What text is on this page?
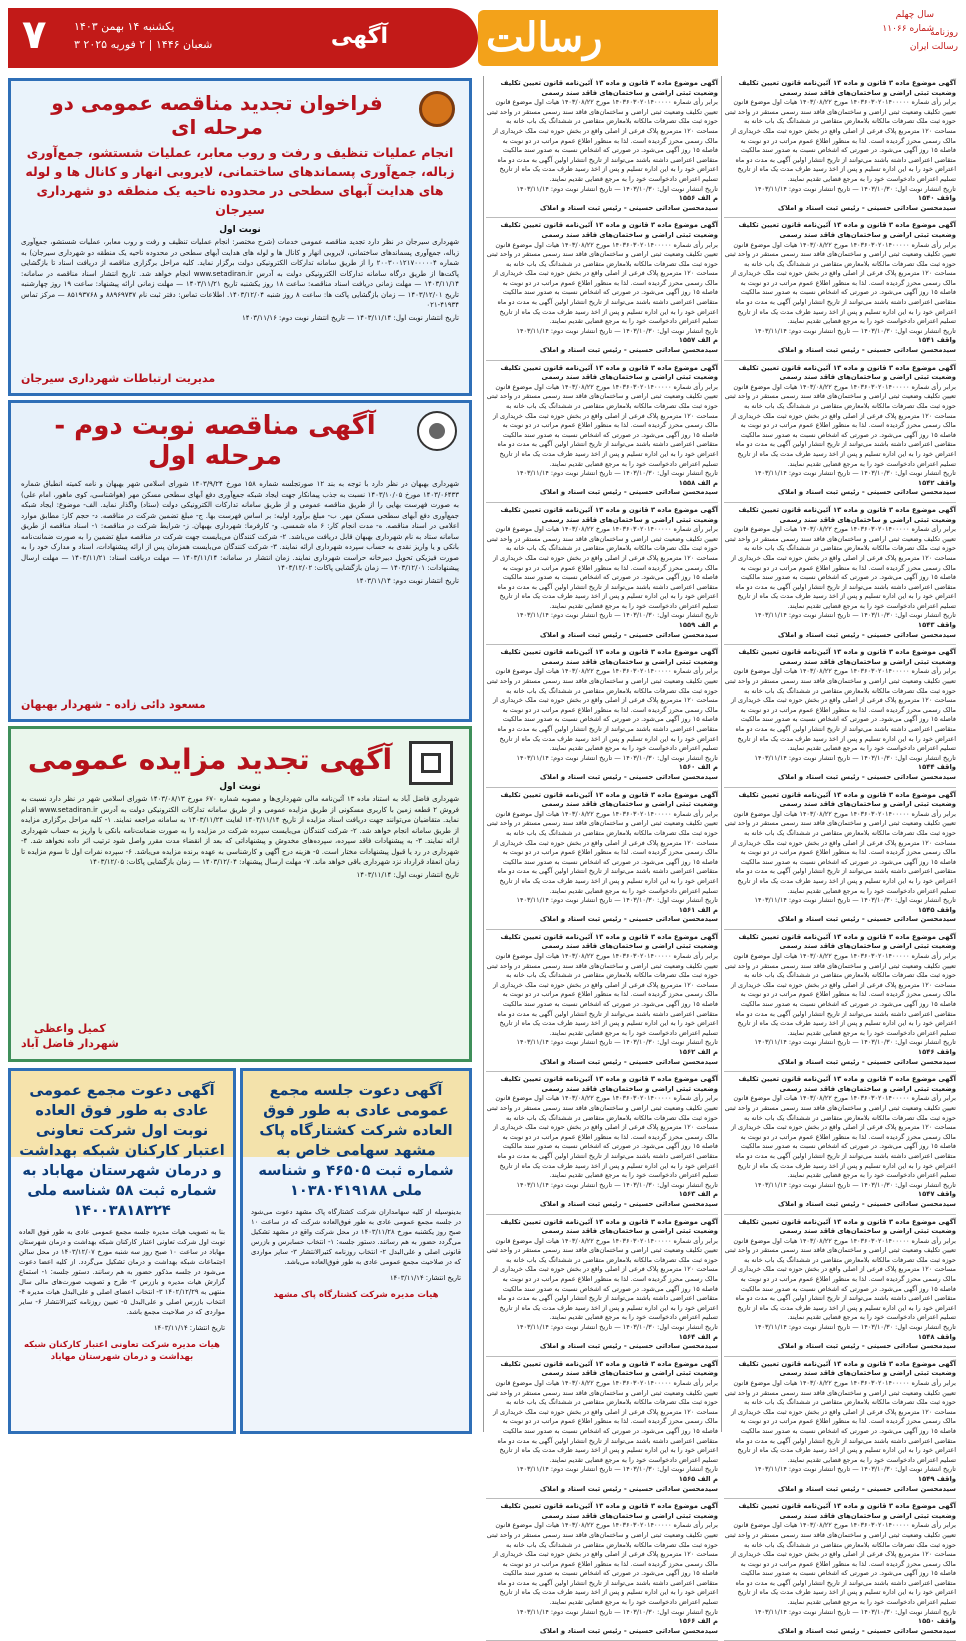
روزنامه رسالت ایران
سال چهلم
شماره ۱۱۰۶۶
رسالت
آگهی
یکشنبه ۱۴ بهمن ۱۴۰۳
۳ شعبان ۱۴۴۶ | ۲ فوریه ۲۰۲۵
۷
آگهی موضوع ماده ۳ قانون و ماده ۱۳ آئین‌نامه قانون تعیین تکلیف وضعیت ثبتی اراضی و ساختمان‌های فاقد سند رسمی
برابر رأی شماره ۱۴۰۳۶۰۳۰۲۰۱۴۰۰۰۰۰ مورخ ۱۴۰۳/۰۸/۲۲ هیات اول موضوع قانون تعیین تکلیف وضعیت ثبتی اراضی و ساختمان‌های فاقد سند رسمی مستقر در واحد ثبتی حوزه ثبت ملک تصرفات مالکانه بلامعارض متقاضی در ششدانگ یک باب خانه به مساحت ۱۲۰ مترمربع پلاک فرعی از اصلی واقع در بخش حوزه ثبت ملک خریداری از مالک رسمی محرز گردیده است. لذا به منظور اطلاع عموم مراتب در دو نوبت به فاصله ۱۵ روز آگهی می‌شود. در صورتی که اشخاص نسبت به صدور سند مالکیت متقاضی اعتراضی داشته باشند می‌توانند از تاریخ انتشار اولین آگهی به مدت دو ماه اعتراض خود را به این اداره تسلیم و پس از اخذ رسید ظرف مدت یک ماه از تاریخ تسلیم اعتراض دادخواست خود را به مرجع قضایی تقدیم نمایند.
تاریخ انتشار نوبت اول: ۱۴۰۳/۱۰/۳۰ — تاریخ انتشار نوبت دوم: ۱۴۰۳/۱۱/۱۴
واقف ۱۵۴۰
سیدمحسن ساداتی حسینی - رئیس ثبت اسناد و املاک
آگهی موضوع ماده ۳ قانون و ماده ۱۳ آئین‌نامه قانون تعیین تکلیف وضعیت ثبتی اراضی و ساختمان‌های فاقد سند رسمی
برابر رأی شماره ۱۴۰۳۶۰۳۰۲۰۱۴۰۰۰۰۰ مورخ ۱۴۰۳/۰۸/۲۲ هیات اول موضوع قانون تعیین تکلیف وضعیت ثبتی اراضی و ساختمان‌های فاقد سند رسمی مستقر در واحد ثبتی حوزه ثبت ملک تصرفات مالکانه بلامعارض متقاضی در ششدانگ یک باب خانه به مساحت ۱۲۰ مترمربع پلاک فرعی از اصلی واقع در بخش حوزه ثبت ملک خریداری از مالک رسمی محرز گردیده است. لذا به منظور اطلاع عموم مراتب در دو نوبت به فاصله ۱۵ روز آگهی می‌شود. در صورتی که اشخاص نسبت به صدور سند مالکیت متقاضی اعتراضی داشته باشند می‌توانند از تاریخ انتشار اولین آگهی به مدت دو ماه اعتراض خود را به این اداره تسلیم و پس از اخذ رسید ظرف مدت یک ماه از تاریخ تسلیم اعتراض دادخواست خود را به مرجع قضایی تقدیم نمایند.
تاریخ انتشار نوبت اول: ۱۴۰۳/۱۰/۳۰ — تاریخ انتشار نوبت دوم: ۱۴۰۳/۱۱/۱۴
واقف ۱۵۴۱
سیدمحسن ساداتی حسینی - رئیس ثبت اسناد و املاک
آگهی موضوع ماده ۳ قانون و ماده ۱۳ آئین‌نامه قانون تعیین تکلیف وضعیت ثبتی اراضی و ساختمان‌های فاقد سند رسمی
برابر رأی شماره ۱۴۰۳۶۰۳۰۲۰۱۴۰۰۰۰۰ مورخ ۱۴۰۳/۰۸/۲۲ هیات اول موضوع قانون تعیین تکلیف وضعیت ثبتی اراضی و ساختمان‌های فاقد سند رسمی مستقر در واحد ثبتی حوزه ثبت ملک تصرفات مالکانه بلامعارض متقاضی در ششدانگ یک باب خانه به مساحت ۱۲۰ مترمربع پلاک فرعی از اصلی واقع در بخش حوزه ثبت ملک خریداری از مالک رسمی محرز گردیده است. لذا به منظور اطلاع عموم مراتب در دو نوبت به فاصله ۱۵ روز آگهی می‌شود. در صورتی که اشخاص نسبت به صدور سند مالکیت متقاضی اعتراضی داشته باشند می‌توانند از تاریخ انتشار اولین آگهی به مدت دو ماه اعتراض خود را به این اداره تسلیم و پس از اخذ رسید ظرف مدت یک ماه از تاریخ تسلیم اعتراض دادخواست خود را به مرجع قضایی تقدیم نمایند.
تاریخ انتشار نوبت اول: ۱۴۰۳/۱۰/۳۰ — تاریخ انتشار نوبت دوم: ۱۴۰۳/۱۱/۱۴
واقف ۱۵۴۲
سیدمحسن ساداتی حسینی - رئیس ثبت اسناد و املاک
آگهی موضوع ماده ۳ قانون و ماده ۱۳ آئین‌نامه قانون تعیین تکلیف وضعیت ثبتی اراضی و ساختمان‌های فاقد سند رسمی
برابر رأی شماره ۱۴۰۳۶۰۳۰۲۰۱۴۰۰۰۰۰ مورخ ۱۴۰۳/۰۸/۲۲ هیات اول موضوع قانون تعیین تکلیف وضعیت ثبتی اراضی و ساختمان‌های فاقد سند رسمی مستقر در واحد ثبتی حوزه ثبت ملک تصرفات مالکانه بلامعارض متقاضی در ششدانگ یک باب خانه به مساحت ۱۲۰ مترمربع پلاک فرعی از اصلی واقع در بخش حوزه ثبت ملک خریداری از مالک رسمی محرز گردیده است. لذا به منظور اطلاع عموم مراتب در دو نوبت به فاصله ۱۵ روز آگهی می‌شود. در صورتی که اشخاص نسبت به صدور سند مالکیت متقاضی اعتراضی داشته باشند می‌توانند از تاریخ انتشار اولین آگهی به مدت دو ماه اعتراض خود را به این اداره تسلیم و پس از اخذ رسید ظرف مدت یک ماه از تاریخ تسلیم اعتراض دادخواست خود را به مرجع قضایی تقدیم نمایند.
تاریخ انتشار نوبت اول: ۱۴۰۳/۱۰/۳۰ — تاریخ انتشار نوبت دوم: ۱۴۰۳/۱۱/۱۴
واقف ۱۵۴۳
سیدمحسن ساداتی حسینی - رئیس ثبت اسناد و املاک
آگهی موضوع ماده ۳ قانون و ماده ۱۳ آئین‌نامه قانون تعیین تکلیف وضعیت ثبتی اراضی و ساختمان‌های فاقد سند رسمی
برابر رأی شماره ۱۴۰۳۶۰۳۰۲۰۱۴۰۰۰۰۰ مورخ ۱۴۰۳/۰۸/۲۲ هیات اول موضوع قانون تعیین تکلیف وضعیت ثبتی اراضی و ساختمان‌های فاقد سند رسمی مستقر در واحد ثبتی حوزه ثبت ملک تصرفات مالکانه بلامعارض متقاضی در ششدانگ یک باب خانه به مساحت ۱۲۰ مترمربع پلاک فرعی از اصلی واقع در بخش حوزه ثبت ملک خریداری از مالک رسمی محرز گردیده است. لذا به منظور اطلاع عموم مراتب در دو نوبت به فاصله ۱۵ روز آگهی می‌شود. در صورتی که اشخاص نسبت به صدور سند مالکیت متقاضی اعتراضی داشته باشند می‌توانند از تاریخ انتشار اولین آگهی به مدت دو ماه اعتراض خود را به این اداره تسلیم و پس از اخذ رسید ظرف مدت یک ماه از تاریخ تسلیم اعتراض دادخواست خود را به مرجع قضایی تقدیم نمایند.
تاریخ انتشار نوبت اول: ۱۴۰۳/۱۰/۳۰ — تاریخ انتشار نوبت دوم: ۱۴۰۳/۱۱/۱۴
واقف ۱۵۴۴
سیدمحسن ساداتی حسینی - رئیس ثبت اسناد و املاک
آگهی موضوع ماده ۳ قانون و ماده ۱۳ آئین‌نامه قانون تعیین تکلیف وضعیت ثبتی اراضی و ساختمان‌های فاقد سند رسمی
برابر رأی شماره ۱۴۰۳۶۰۳۰۲۰۱۴۰۰۰۰۰ مورخ ۱۴۰۳/۰۸/۲۲ هیات اول موضوع قانون تعیین تکلیف وضعیت ثبتی اراضی و ساختمان‌های فاقد سند رسمی مستقر در واحد ثبتی حوزه ثبت ملک تصرفات مالکانه بلامعارض متقاضی در ششدانگ یک باب خانه به مساحت ۱۲۰ مترمربع پلاک فرعی از اصلی واقع در بخش حوزه ثبت ملک خریداری از مالک رسمی محرز گردیده است. لذا به منظور اطلاع عموم مراتب در دو نوبت به فاصله ۱۵ روز آگهی می‌شود. در صورتی که اشخاص نسبت به صدور سند مالکیت متقاضی اعتراضی داشته باشند می‌توانند از تاریخ انتشار اولین آگهی به مدت دو ماه اعتراض خود را به این اداره تسلیم و پس از اخذ رسید ظرف مدت یک ماه از تاریخ تسلیم اعتراض دادخواست خود را به مرجع قضایی تقدیم نمایند.
تاریخ انتشار نوبت اول: ۱۴۰۳/۱۰/۳۰ — تاریخ انتشار نوبت دوم: ۱۴۰۳/۱۱/۱۴
واقف ۱۵۴۵
سیدمحسن ساداتی حسینی - رئیس ثبت اسناد و املاک
آگهی موضوع ماده ۳ قانون و ماده ۱۳ آئین‌نامه قانون تعیین تکلیف وضعیت ثبتی اراضی و ساختمان‌های فاقد سند رسمی
برابر رأی شماره ۱۴۰۳۶۰۳۰۲۰۱۴۰۰۰۰۰ مورخ ۱۴۰۳/۰۸/۲۲ هیات اول موضوع قانون تعیین تکلیف وضعیت ثبتی اراضی و ساختمان‌های فاقد سند رسمی مستقر در واحد ثبتی حوزه ثبت ملک تصرفات مالکانه بلامعارض متقاضی در ششدانگ یک باب خانه به مساحت ۱۲۰ مترمربع پلاک فرعی از اصلی واقع در بخش حوزه ثبت ملک خریداری از مالک رسمی محرز گردیده است. لذا به منظور اطلاع عموم مراتب در دو نوبت به فاصله ۱۵ روز آگهی می‌شود. در صورتی که اشخاص نسبت به صدور سند مالکیت متقاضی اعتراضی داشته باشند می‌توانند از تاریخ انتشار اولین آگهی به مدت دو ماه اعتراض خود را به این اداره تسلیم و پس از اخذ رسید ظرف مدت یک ماه از تاریخ تسلیم اعتراض دادخواست خود را به مرجع قضایی تقدیم نمایند.
تاریخ انتشار نوبت اول: ۱۴۰۳/۱۰/۳۰ — تاریخ انتشار نوبت دوم: ۱۴۰۳/۱۱/۱۴
واقف ۱۵۴۶
سیدمحسن ساداتی حسینی - رئیس ثبت اسناد و املاک
آگهی موضوع ماده ۳ قانون و ماده ۱۳ آئین‌نامه قانون تعیین تکلیف وضعیت ثبتی اراضی و ساختمان‌های فاقد سند رسمی
برابر رأی شماره ۱۴۰۳۶۰۳۰۲۰۱۴۰۰۰۰۰ مورخ ۱۴۰۳/۰۸/۲۲ هیات اول موضوع قانون تعیین تکلیف وضعیت ثبتی اراضی و ساختمان‌های فاقد سند رسمی مستقر در واحد ثبتی حوزه ثبت ملک تصرفات مالکانه بلامعارض متقاضی در ششدانگ یک باب خانه به مساحت ۱۲۰ مترمربع پلاک فرعی از اصلی واقع در بخش حوزه ثبت ملک خریداری از مالک رسمی محرز گردیده است. لذا به منظور اطلاع عموم مراتب در دو نوبت به فاصله ۱۵ روز آگهی می‌شود. در صورتی که اشخاص نسبت به صدور سند مالکیت متقاضی اعتراضی داشته باشند می‌توانند از تاریخ انتشار اولین آگهی به مدت دو ماه اعتراض خود را به این اداره تسلیم و پس از اخذ رسید ظرف مدت یک ماه از تاریخ تسلیم اعتراض دادخواست خود را به مرجع قضایی تقدیم نمایند.
تاریخ انتشار نوبت اول: ۱۴۰۳/۱۰/۳۰ — تاریخ انتشار نوبت دوم: ۱۴۰۳/۱۱/۱۴
واقف ۱۵۴۷
سیدمحسن ساداتی حسینی - رئیس ثبت اسناد و املاک
آگهی موضوع ماده ۳ قانون و ماده ۱۳ آئین‌نامه قانون تعیین تکلیف وضعیت ثبتی اراضی و ساختمان‌های فاقد سند رسمی
برابر رأی شماره ۱۴۰۳۶۰۳۰۲۰۱۴۰۰۰۰۰ مورخ ۱۴۰۳/۰۸/۲۲ هیات اول موضوع قانون تعیین تکلیف وضعیت ثبتی اراضی و ساختمان‌های فاقد سند رسمی مستقر در واحد ثبتی حوزه ثبت ملک تصرفات مالکانه بلامعارض متقاضی در ششدانگ یک باب خانه به مساحت ۱۲۰ مترمربع پلاک فرعی از اصلی واقع در بخش حوزه ثبت ملک خریداری از مالک رسمی محرز گردیده است. لذا به منظور اطلاع عموم مراتب در دو نوبت به فاصله ۱۵ روز آگهی می‌شود. در صورتی که اشخاص نسبت به صدور سند مالکیت متقاضی اعتراضی داشته باشند می‌توانند از تاریخ انتشار اولین آگهی به مدت دو ماه اعتراض خود را به این اداره تسلیم و پس از اخذ رسید ظرف مدت یک ماه از تاریخ تسلیم اعتراض دادخواست خود را به مرجع قضایی تقدیم نمایند.
تاریخ انتشار نوبت اول: ۱۴۰۳/۱۰/۳۰ — تاریخ انتشار نوبت دوم: ۱۴۰۳/۱۱/۱۴
واقف ۱۵۴۸
سیدمحسن ساداتی حسینی - رئیس ثبت اسناد و املاک
آگهی موضوع ماده ۳ قانون و ماده ۱۳ آئین‌نامه قانون تعیین تکلیف وضعیت ثبتی اراضی و ساختمان‌های فاقد سند رسمی
برابر رأی شماره ۱۴۰۳۶۰۳۰۲۰۱۴۰۰۰۰۰ مورخ ۱۴۰۳/۰۸/۲۲ هیات اول موضوع قانون تعیین تکلیف وضعیت ثبتی اراضی و ساختمان‌های فاقد سند رسمی مستقر در واحد ثبتی حوزه ثبت ملک تصرفات مالکانه بلامعارض متقاضی در ششدانگ یک باب خانه به مساحت ۱۲۰ مترمربع پلاک فرعی از اصلی واقع در بخش حوزه ثبت ملک خریداری از مالک رسمی محرز گردیده است. لذا به منظور اطلاع عموم مراتب در دو نوبت به فاصله ۱۵ روز آگهی می‌شود. در صورتی که اشخاص نسبت به صدور سند مالکیت متقاضی اعتراضی داشته باشند می‌توانند از تاریخ انتشار اولین آگهی به مدت دو ماه اعتراض خود را به این اداره تسلیم و پس از اخذ رسید ظرف مدت یک ماه از تاریخ تسلیم اعتراض دادخواست خود را به مرجع قضایی تقدیم نمایند.
تاریخ انتشار نوبت اول: ۱۴۰۳/۱۰/۳۰ — تاریخ انتشار نوبت دوم: ۱۴۰۳/۱۱/۱۴
واقف ۱۵۴۹
سیدمحسن ساداتی حسینی - رئیس ثبت اسناد و املاک
آگهی موضوع ماده ۳ قانون و ماده ۱۳ آئین‌نامه قانون تعیین تکلیف وضعیت ثبتی اراضی و ساختمان‌های فاقد سند رسمی
برابر رأی شماره ۱۴۰۳۶۰۳۰۲۰۱۴۰۰۰۰۰ مورخ ۱۴۰۳/۰۸/۲۲ هیات اول موضوع قانون تعیین تکلیف وضعیت ثبتی اراضی و ساختمان‌های فاقد سند رسمی مستقر در واحد ثبتی حوزه ثبت ملک تصرفات مالکانه بلامعارض متقاضی در ششدانگ یک باب خانه به مساحت ۱۲۰ مترمربع پلاک فرعی از اصلی واقع در بخش حوزه ثبت ملک خریداری از مالک رسمی محرز گردیده است. لذا به منظور اطلاع عموم مراتب در دو نوبت به فاصله ۱۵ روز آگهی می‌شود. در صورتی که اشخاص نسبت به صدور سند مالکیت متقاضی اعتراضی داشته باشند می‌توانند از تاریخ انتشار اولین آگهی به مدت دو ماه اعتراض خود را به این اداره تسلیم و پس از اخذ رسید ظرف مدت یک ماه از تاریخ تسلیم اعتراض دادخواست خود را به مرجع قضایی تقدیم نمایند.
تاریخ انتشار نوبت اول: ۱۴۰۳/۱۰/۳۰ — تاریخ انتشار نوبت دوم: ۱۴۰۳/۱۱/۱۴
واقف ۱۵۵۰
سیدمحسن ساداتی حسینی - رئیس ثبت اسناد و املاک
آگهی موضوع ماده ۳ قانون و ماده ۱۳ آئین‌نامه قانون تعیین تکلیف وضعیت ثبتی اراضی و ساختمان‌های فاقد سند رسمی
برابر رأی شماره ۱۴۰۳۶۰۳۰۲۰۱۴۰۰۰۰۰ مورخ ۱۴۰۳/۰۸/۲۲ هیات اول موضوع قانون تعیین تکلیف وضعیت ثبتی اراضی و ساختمان‌های فاقد سند رسمی مستقر در واحد ثبتی حوزه ثبت ملک تصرفات مالکانه بلامعارض متقاضی در ششدانگ یک باب خانه به مساحت ۱۲۰ مترمربع پلاک فرعی از اصلی واقع در بخش حوزه ثبت ملک خریداری از مالک رسمی محرز گردیده است. لذا به منظور اطلاع عموم مراتب در دو نوبت به فاصله ۱۵ روز آگهی می‌شود. در صورتی که اشخاص نسبت به صدور سند مالکیت متقاضی اعتراضی داشته باشند می‌توانند از تاریخ انتشار اولین آگهی به مدت دو ماه اعتراض خود را به این اداره تسلیم و پس از اخذ رسید ظرف مدت یک ماه از تاریخ تسلیم اعتراض دادخواست خود را به مرجع قضایی تقدیم نمایند.
تاریخ انتشار نوبت اول: ۱۴۰۳/۱۰/۳۰ — تاریخ انتشار نوبت دوم: ۱۴۰۳/۱۱/۱۴
م الف ۱۵۵۶
سیدمحسن ساداتی حسینی - رئیس ثبت اسناد و املاک
آگهی موضوع ماده ۳ قانون و ماده ۱۳ آئین‌نامه قانون تعیین تکلیف وضعیت ثبتی اراضی و ساختمان‌های فاقد سند رسمی
برابر رأی شماره ۱۴۰۳۶۰۳۰۲۰۱۴۰۰۰۰۰ مورخ ۱۴۰۳/۰۸/۲۲ هیات اول موضوع قانون تعیین تکلیف وضعیت ثبتی اراضی و ساختمان‌های فاقد سند رسمی مستقر در واحد ثبتی حوزه ثبت ملک تصرفات مالکانه بلامعارض متقاضی در ششدانگ یک باب خانه به مساحت ۱۲۰ مترمربع پلاک فرعی از اصلی واقع در بخش حوزه ثبت ملک خریداری از مالک رسمی محرز گردیده است. لذا به منظور اطلاع عموم مراتب در دو نوبت به فاصله ۱۵ روز آگهی می‌شود. در صورتی که اشخاص نسبت به صدور سند مالکیت متقاضی اعتراضی داشته باشند می‌توانند از تاریخ انتشار اولین آگهی به مدت دو ماه اعتراض خود را به این اداره تسلیم و پس از اخذ رسید ظرف مدت یک ماه از تاریخ تسلیم اعتراض دادخواست خود را به مرجع قضایی تقدیم نمایند.
تاریخ انتشار نوبت اول: ۱۴۰۳/۱۰/۳۰ — تاریخ انتشار نوبت دوم: ۱۴۰۳/۱۱/۱۴
م الف ۱۵۵۷
سیدمحسن ساداتی حسینی - رئیس ثبت اسناد و املاک
آگهی موضوع ماده ۳ قانون و ماده ۱۳ آئین‌نامه قانون تعیین تکلیف وضعیت ثبتی اراضی و ساختمان‌های فاقد سند رسمی
برابر رأی شماره ۱۴۰۳۶۰۳۰۲۰۱۴۰۰۰۰۰ مورخ ۱۴۰۳/۰۸/۲۲ هیات اول موضوع قانون تعیین تکلیف وضعیت ثبتی اراضی و ساختمان‌های فاقد سند رسمی مستقر در واحد ثبتی حوزه ثبت ملک تصرفات مالکانه بلامعارض متقاضی در ششدانگ یک باب خانه به مساحت ۱۲۰ مترمربع پلاک فرعی از اصلی واقع در بخش حوزه ثبت ملک خریداری از مالک رسمی محرز گردیده است. لذا به منظور اطلاع عموم مراتب در دو نوبت به فاصله ۱۵ روز آگهی می‌شود. در صورتی که اشخاص نسبت به صدور سند مالکیت متقاضی اعتراضی داشته باشند می‌توانند از تاریخ انتشار اولین آگهی به مدت دو ماه اعتراض خود را به این اداره تسلیم و پس از اخذ رسید ظرف مدت یک ماه از تاریخ تسلیم اعتراض دادخواست خود را به مرجع قضایی تقدیم نمایند.
تاریخ انتشار نوبت اول: ۱۴۰۳/۱۰/۳۰ — تاریخ انتشار نوبت دوم: ۱۴۰۳/۱۱/۱۴
م الف ۱۵۵۸
سیدمحسن ساداتی حسینی - رئیس ثبت اسناد و املاک
آگهی موضوع ماده ۳ قانون و ماده ۱۳ آئین‌نامه قانون تعیین تکلیف وضعیت ثبتی اراضی و ساختمان‌های فاقد سند رسمی
برابر رأی شماره ۱۴۰۳۶۰۳۰۲۰۱۴۰۰۰۰۰ مورخ ۱۴۰۳/۰۸/۲۲ هیات اول موضوع قانون تعیین تکلیف وضعیت ثبتی اراضی و ساختمان‌های فاقد سند رسمی مستقر در واحد ثبتی حوزه ثبت ملک تصرفات مالکانه بلامعارض متقاضی در ششدانگ یک باب خانه به مساحت ۱۲۰ مترمربع پلاک فرعی از اصلی واقع در بخش حوزه ثبت ملک خریداری از مالک رسمی محرز گردیده است. لذا به منظور اطلاع عموم مراتب در دو نوبت به فاصله ۱۵ روز آگهی می‌شود. در صورتی که اشخاص نسبت به صدور سند مالکیت متقاضی اعتراضی داشته باشند می‌توانند از تاریخ انتشار اولین آگهی به مدت دو ماه اعتراض خود را به این اداره تسلیم و پس از اخذ رسید ظرف مدت یک ماه از تاریخ تسلیم اعتراض دادخواست خود را به مرجع قضایی تقدیم نمایند.
تاریخ انتشار نوبت اول: ۱۴۰۳/۱۰/۳۰ — تاریخ انتشار نوبت دوم: ۱۴۰۳/۱۱/۱۴
م الف ۱۵۵۹
سیدمحسن ساداتی حسینی - رئیس ثبت اسناد و املاک
آگهی موضوع ماده ۳ قانون و ماده ۱۳ آئین‌نامه قانون تعیین تکلیف وضعیت ثبتی اراضی و ساختمان‌های فاقد سند رسمی
برابر رأی شماره ۱۴۰۳۶۰۳۰۲۰۱۴۰۰۰۰۰ مورخ ۱۴۰۳/۰۸/۲۲ هیات اول موضوع قانون تعیین تکلیف وضعیت ثبتی اراضی و ساختمان‌های فاقد سند رسمی مستقر در واحد ثبتی حوزه ثبت ملک تصرفات مالکانه بلامعارض متقاضی در ششدانگ یک باب خانه به مساحت ۱۲۰ مترمربع پلاک فرعی از اصلی واقع در بخش حوزه ثبت ملک خریداری از مالک رسمی محرز گردیده است. لذا به منظور اطلاع عموم مراتب در دو نوبت به فاصله ۱۵ روز آگهی می‌شود. در صورتی که اشخاص نسبت به صدور سند مالکیت متقاضی اعتراضی داشته باشند می‌توانند از تاریخ انتشار اولین آگهی به مدت دو ماه اعتراض خود را به این اداره تسلیم و پس از اخذ رسید ظرف مدت یک ماه از تاریخ تسلیم اعتراض دادخواست خود را به مرجع قضایی تقدیم نمایند.
تاریخ انتشار نوبت اول: ۱۴۰۳/۱۰/۳۰ — تاریخ انتشار نوبت دوم: ۱۴۰۳/۱۱/۱۴
م الف ۱۵۶۰
سیدمحسن ساداتی حسینی - رئیس ثبت اسناد و املاک
آگهی موضوع ماده ۳ قانون و ماده ۱۳ آئین‌نامه قانون تعیین تکلیف وضعیت ثبتی اراضی و ساختمان‌های فاقد سند رسمی
برابر رأی شماره ۱۴۰۳۶۰۳۰۲۰۱۴۰۰۰۰۰ مورخ ۱۴۰۳/۰۸/۲۲ هیات اول موضوع قانون تعیین تکلیف وضعیت ثبتی اراضی و ساختمان‌های فاقد سند رسمی مستقر در واحد ثبتی حوزه ثبت ملک تصرفات مالکانه بلامعارض متقاضی در ششدانگ یک باب خانه به مساحت ۱۲۰ مترمربع پلاک فرعی از اصلی واقع در بخش حوزه ثبت ملک خریداری از مالک رسمی محرز گردیده است. لذا به منظور اطلاع عموم مراتب در دو نوبت به فاصله ۱۵ روز آگهی می‌شود. در صورتی که اشخاص نسبت به صدور سند مالکیت متقاضی اعتراضی داشته باشند می‌توانند از تاریخ انتشار اولین آگهی به مدت دو ماه اعتراض خود را به این اداره تسلیم و پس از اخذ رسید ظرف مدت یک ماه از تاریخ تسلیم اعتراض دادخواست خود را به مرجع قضایی تقدیم نمایند.
تاریخ انتشار نوبت اول: ۱۴۰۳/۱۰/۳۰ — تاریخ انتشار نوبت دوم: ۱۴۰۳/۱۱/۱۴
م الف ۱۵۶۱
سیدمحسن ساداتی حسینی - رئیس ثبت اسناد و املاک
آگهی موضوع ماده ۳ قانون و ماده ۱۳ آئین‌نامه قانون تعیین تکلیف وضعیت ثبتی اراضی و ساختمان‌های فاقد سند رسمی
برابر رأی شماره ۱۴۰۳۶۰۳۰۲۰۱۴۰۰۰۰۰ مورخ ۱۴۰۳/۰۸/۲۲ هیات اول موضوع قانون تعیین تکلیف وضعیت ثبتی اراضی و ساختمان‌های فاقد سند رسمی مستقر در واحد ثبتی حوزه ثبت ملک تصرفات مالکانه بلامعارض متقاضی در ششدانگ یک باب خانه به مساحت ۱۲۰ مترمربع پلاک فرعی از اصلی واقع در بخش حوزه ثبت ملک خریداری از مالک رسمی محرز گردیده است. لذا به منظور اطلاع عموم مراتب در دو نوبت به فاصله ۱۵ روز آگهی می‌شود. در صورتی که اشخاص نسبت به صدور سند مالکیت متقاضی اعتراضی داشته باشند می‌توانند از تاریخ انتشار اولین آگهی به مدت دو ماه اعتراض خود را به این اداره تسلیم و پس از اخذ رسید ظرف مدت یک ماه از تاریخ تسلیم اعتراض دادخواست خود را به مرجع قضایی تقدیم نمایند.
تاریخ انتشار نوبت اول: ۱۴۰۳/۱۰/۳۰ — تاریخ انتشار نوبت دوم: ۱۴۰۳/۱۱/۱۴
م الف ۱۵۶۲
سیدمحسن ساداتی حسینی - رئیس ثبت اسناد و املاک
آگهی موضوع ماده ۳ قانون و ماده ۱۳ آئین‌نامه قانون تعیین تکلیف وضعیت ثبتی اراضی و ساختمان‌های فاقد سند رسمی
برابر رأی شماره ۱۴۰۳۶۰۳۰۲۰۱۴۰۰۰۰۰ مورخ ۱۴۰۳/۰۸/۲۲ هیات اول موضوع قانون تعیین تکلیف وضعیت ثبتی اراضی و ساختمان‌های فاقد سند رسمی مستقر در واحد ثبتی حوزه ثبت ملک تصرفات مالکانه بلامعارض متقاضی در ششدانگ یک باب خانه به مساحت ۱۲۰ مترمربع پلاک فرعی از اصلی واقع در بخش حوزه ثبت ملک خریداری از مالک رسمی محرز گردیده است. لذا به منظور اطلاع عموم مراتب در دو نوبت به فاصله ۱۵ روز آگهی می‌شود. در صورتی که اشخاص نسبت به صدور سند مالکیت متقاضی اعتراضی داشته باشند می‌توانند از تاریخ انتشار اولین آگهی به مدت دو ماه اعتراض خود را به این اداره تسلیم و پس از اخذ رسید ظرف مدت یک ماه از تاریخ تسلیم اعتراض دادخواست خود را به مرجع قضایی تقدیم نمایند.
تاریخ انتشار نوبت اول: ۱۴۰۳/۱۰/۳۰ — تاریخ انتشار نوبت دوم: ۱۴۰۳/۱۱/۱۴
م الف ۱۵۶۳
سیدمحسن ساداتی حسینی - رئیس ثبت اسناد و املاک
آگهی موضوع ماده ۳ قانون و ماده ۱۳ آئین‌نامه قانون تعیین تکلیف وضعیت ثبتی اراضی و ساختمان‌های فاقد سند رسمی
برابر رأی شماره ۱۴۰۳۶۰۳۰۲۰۱۴۰۰۰۰۰ مورخ ۱۴۰۳/۰۸/۲۲ هیات اول موضوع قانون تعیین تکلیف وضعیت ثبتی اراضی و ساختمان‌های فاقد سند رسمی مستقر در واحد ثبتی حوزه ثبت ملک تصرفات مالکانه بلامعارض متقاضی در ششدانگ یک باب خانه به مساحت ۱۲۰ مترمربع پلاک فرعی از اصلی واقع در بخش حوزه ثبت ملک خریداری از مالک رسمی محرز گردیده است. لذا به منظور اطلاع عموم مراتب در دو نوبت به فاصله ۱۵ روز آگهی می‌شود. در صورتی که اشخاص نسبت به صدور سند مالکیت متقاضی اعتراضی داشته باشند می‌توانند از تاریخ انتشار اولین آگهی به مدت دو ماه اعتراض خود را به این اداره تسلیم و پس از اخذ رسید ظرف مدت یک ماه از تاریخ تسلیم اعتراض دادخواست خود را به مرجع قضایی تقدیم نمایند.
تاریخ انتشار نوبت اول: ۱۴۰۳/۱۰/۳۰ — تاریخ انتشار نوبت دوم: ۱۴۰۳/۱۱/۱۴
م الف ۱۵۶۴
سیدمحسن ساداتی حسینی - رئیس ثبت اسناد و املاک
آگهی موضوع ماده ۳ قانون و ماده ۱۳ آئین‌نامه قانون تعیین تکلیف وضعیت ثبتی اراضی و ساختمان‌های فاقد سند رسمی
برابر رأی شماره ۱۴۰۳۶۰۳۰۲۰۱۴۰۰۰۰۰ مورخ ۱۴۰۳/۰۸/۲۲ هیات اول موضوع قانون تعیین تکلیف وضعیت ثبتی اراضی و ساختمان‌های فاقد سند رسمی مستقر در واحد ثبتی حوزه ثبت ملک تصرفات مالکانه بلامعارض متقاضی در ششدانگ یک باب خانه به مساحت ۱۲۰ مترمربع پلاک فرعی از اصلی واقع در بخش حوزه ثبت ملک خریداری از مالک رسمی محرز گردیده است. لذا به منظور اطلاع عموم مراتب در دو نوبت به فاصله ۱۵ روز آگهی می‌شود. در صورتی که اشخاص نسبت به صدور سند مالکیت متقاضی اعتراضی داشته باشند می‌توانند از تاریخ انتشار اولین آگهی به مدت دو ماه اعتراض خود را به این اداره تسلیم و پس از اخذ رسید ظرف مدت یک ماه از تاریخ تسلیم اعتراض دادخواست خود را به مرجع قضایی تقدیم نمایند.
تاریخ انتشار نوبت اول: ۱۴۰۳/۱۰/۳۰ — تاریخ انتشار نوبت دوم: ۱۴۰۳/۱۱/۱۴
م الف ۱۵۶۵
سیدمحسن ساداتی حسینی - رئیس ثبت اسناد و املاک
آگهی موضوع ماده ۳ قانون و ماده ۱۳ آئین‌نامه قانون تعیین تکلیف وضعیت ثبتی اراضی و ساختمان‌های فاقد سند رسمی
برابر رأی شماره ۱۴۰۳۶۰۳۰۲۰۱۴۰۰۰۰۰ مورخ ۱۴۰۳/۰۸/۲۲ هیات اول موضوع قانون تعیین تکلیف وضعیت ثبتی اراضی و ساختمان‌های فاقد سند رسمی مستقر در واحد ثبتی حوزه ثبت ملک تصرفات مالکانه بلامعارض متقاضی در ششدانگ یک باب خانه به مساحت ۱۲۰ مترمربع پلاک فرعی از اصلی واقع در بخش حوزه ثبت ملک خریداری از مالک رسمی محرز گردیده است. لذا به منظور اطلاع عموم مراتب در دو نوبت به فاصله ۱۵ روز آگهی می‌شود. در صورتی که اشخاص نسبت به صدور سند مالکیت متقاضی اعتراضی داشته باشند می‌توانند از تاریخ انتشار اولین آگهی به مدت دو ماه اعتراض خود را به این اداره تسلیم و پس از اخذ رسید ظرف مدت یک ماه از تاریخ تسلیم اعتراض دادخواست خود را به مرجع قضایی تقدیم نمایند.
تاریخ انتشار نوبت اول: ۱۴۰۳/۱۰/۳۰ — تاریخ انتشار نوبت دوم: ۱۴۰۳/۱۱/۱۴
م الف ۱۵۶۶
سیدمحسن ساداتی حسینی - رئیس ثبت اسناد و املاک
فراخوان تجدید مناقصه عمومی دو مرحله ای
انجام عملیات تنظیف و رفت و روب معابر، عملیات شستشو، جمع‌آوری زباله، جمع‌آوری پسماندهای ساختمانی، لایروبی انهار و کانال ها و لوله های هدایت آبهای سطحی در محدوده ناحیه یک منطقه دو شهرداری سیرجان
نوبت اول
شهرداری سیرجان در نظر دارد تجدید مناقصه عمومی خدمات (شرح مختصر: انجام عملیات تنظیف و رفت و روب معابر، عملیات شستشو، جمع‌آوری زباله، جمع‌آوری پسماندهای ساختمانی، لایروبی انهار و کانال ها و لوله های هدایت آبهای سطحی در محدوده ناحیه یک منطقه دو شهرداری سیرجان) به شماره ۲۰۰۳۰۰۱۲۱۷۰۰۰۰۰۴ را از طریق سامانه تدارکات الکترونیکی دولت برگزار نماید. کلیه مراحل برگزاری مناقصه از دریافت اسناد تا بازگشایی پاکت‌ها از طریق درگاه سامانه تدارکات الکترونیکی دولت به آدرس www.setadiran.ir انجام خواهد شد. تاریخ انتشار اسناد مناقصه در سامانه: ۱۴۰۳/۱۱/۱۴ — مهلت زمانی دریافت اسناد مناقصه: ساعت ۱۸ روز یکشنبه تاریخ ۱۴۰۳/۱۱/۲۱ — مهلت زمانی ارائه پیشنهاد: ساعت ۱۹ روز چهارشنبه تاریخ ۱۴۰۳/۱۲/۰۱ — زمان بازگشایی پاکت ها: ساعت ۸ روز شنبه ۱۴۰۳/۱۲/۰۴. اطلاعات تماس: دفتر ثبت نام ۸۸۹۶۹۷۳۷ و ۸۵۱۹۳۷۶۸ — مرکز تماس ۴۱۹۳۴-۰۲۱
تاریخ انتشار نوبت اول: ۱۴۰۳/۱۱/۱۴ — تاریخ انتشار نوبت دوم: ۱۴۰۳/۱۱/۱۶
مدیریت ارتباطات شهرداری سیرجان
آگهی مناقصه نوبت دوم - مرحله اول
شهرداری بهبهان در نظر دارد با توجه به بند ۱۲ صورتجلسه شماره ۱۵۸ مورخ ۱۴۰۳/۹/۲۴ شورای اسلامی شهر بهبهان و نامه کمیته انطباق شماره ۱۴۰۳/۰۶۴۳۳ مورخ ۱۴۰۳/۱۰/۰۵ نسبت به جذب پیمانکار جهت ایجاد شبکه جمع‌آوری دفع آبهای سطحی مسکن مهر (هواشناسی، کوی ماهور، امام علی) به صورت فهرست بهایی را از طریق مناقصه عمومی و از طریق سامانه تدارکات الکترونیکی دولت (ستاد) واگذار نماید. الف- موضوع: ایجاد شبکه جمع‌آوری دفع آبهای سطحی مسکن مهر. ب- مبلغ برآورد اولیه: بر اساس فهرست بها. ج- مبلغ تضمین شرکت در مناقصه. د- حجم کار: مطابق موارد اعلامی در اسناد مناقصه. ه- مدت انجام کار: ۶ ماه شمسی. و- کارفرما: شهرداری بهبهان. ز- شرایط شرکت در مناقصه: ۱- اسناد مناقصه از طریق سامانه ستاد به نام شهرداری بهبهان قابل دریافت می‌باشد. ۲- شرکت کنندگان می‌بایست جهت شرکت در مناقصه مبلغ تضمین را به صورت ضمانت‌نامه بانکی و یا واریز نقدی به حساب سپرده شهرداری ارائه نمایند. ۳- شرکت کنندگان می‌بایست همزمان پس از ارائه پیشنهادات، اسناد و مدارک خود را به صورت فیزیکی تحویل دبیرخانه حراست شهرداری نمایند. زمان انتشار در سامانه: ۱۴۰۳/۱۱/۱۴ — مهلت دریافت اسناد: ۱۴۰۳/۱۱/۲۱ — مهلت ارسال پیشنهادات: ۱۴۰۳/۱۲/۰۱ — زمان بازگشایی پاکات: ۱۴۰۳/۱۲/۰۲
تاریخ انتشار نوبت دوم: ۱۴۰۳/۱۱/۱۴
مسعود دائی زاده - شهردار بهبهان
آگهی تجدید مزایده عمومی
نوبت اول
شهرداری فاضل آباد به استناد ماده ۱۳ آئین‌نامه مالی شهرداری‌ها و مصوبه شماره ۶۷۰ مورخ ۱۴۰۳/۰۸/۱۳ شورای اسلامی شهر در نظر دارد نسبت به فروش ۲ قطعه زمین با کاربری مسکونی از طریق مزایده عمومی و از طریق سامانه تدارکات الکترونیکی دولت به آدرس www.setadiran.ir اقدام نماید. متقاضیان می‌توانند جهت دریافت اسناد مزایده از تاریخ ۱۴۰۳/۱۱/۱۴ لغایت ۱۴۰۳/۱۱/۲۴ به سامانه مراجعه نمایند. ۱- کلیه مراحل برگزاری مزایده از طریق سامانه انجام خواهد شد. ۲- شرکت کنندگان می‌بایست سپرده شرکت در مزایده را به صورت ضمانت‌نامه بانکی یا واریز به حساب شهرداری ارائه نمایند. ۳- به پیشنهادات فاقد سپرده، سپرده‌های مخدوش و پیشنهاداتی که بعد از انقضاء مدت مقرر واصل شود ترتیب اثر داده نخواهد شد. ۴- شهرداری در رد یا قبول پیشنهادات مختار است. ۵- هزینه درج آگهی و کارشناسی به عهده برنده مزایده می‌باشد. ۶- سپرده نفرات اول تا سوم مزایده تا زمان انعقاد قرارداد نزد شهرداری باقی خواهد ماند. ۷- مهلت ارسال پیشنهاد: ۱۴۰۳/۱۲/۰۴ — زمان بازگشایی پاکات: ۱۴۰۳/۱۲/۰۵
تاریخ انتشار نوبت اول: ۱۴۰۳/۱۱/۱۴
کمیل واعظی
شهردار فاضل آباد
آگهی دعوت جلسه مجمع عمومی عادی به طور فوق العاده شرکت کشتارگاه پاک مشهد سهامی خاص به شماره ثبت ۴۶۵۰۵ و شناسه ملی ۱۰۳۸۰۴۱۹۱۸۸
بدینوسیله از کلیه سهامداران شرکت کشتارگاه پاک مشهد دعوت می‌شود در جلسه مجمع عمومی عادی به طور فوق‌العاده شرکت که در ساعت ۱۰ صبح روز یکشنبه مورخ ۱۴۰۳/۱۱/۲۸ در محل شرکت واقع در مشهد تشکیل می‌گردد حضور به هم رسانند. دستور جلسه: ۱- انتخاب حسابرس و بازرس قانونی اصلی و علی‌البدل ۲- انتخاب روزنامه کثیرالانتشار ۳- سایر مواردی که در صلاحیت مجمع عمومی عادی به طور فوق‌العاده می‌باشد.
تاریخ انتشار: ۱۴۰۳/۱۱/۱۴
هیات مدیره شرکت کشتارگاه پاک مشهد
آگهی دعوت مجمع عمومی عادی به طور فوق العاده نوبت اول شرکت تعاونی اعتبار کارکنان شبکه بهداشت و درمان شهرستان مهاباد به شماره ثبت ۵۸ شناسه ملی ۱۴۰۰۳۸۱۸۳۲۴
بنا به تصویب هیات مدیره جلسه مجمع عمومی عادی به طور فوق العاده نوبت اول شرکت تعاونی اعتبار کارکنان شبکه بهداشت و درمان شهرستان مهاباد در ساعت ۱۰ صبح روز سه شنبه مورخ ۱۴۰۳/۱۲/۰۷ در محل سالن اجتماعات شبکه بهداشت و درمان تشکیل می‌گردد. از کلیه اعضا دعوت می‌شود در جلسه مذکور حضور به هم رسانند. دستور جلسه: ۱- استماع گزارش هیات مدیره و بازرس ۲- طرح و تصویب صورت‌های مالی سال منتهی به ۱۴۰۲/۱۲/۲۹ ۳- انتخاب اعضای اصلی و علی‌البدل هیات مدیره ۴- انتخاب بازرس اصلی و علی‌البدل ۵- تعیین روزنامه کثیرالانتشار ۶- سایر مواردی که در صلاحیت مجمع باشد.
تاریخ انتشار: ۱۴۰۳/۱۱/۱۴
هیات مدیره شرکت تعاونی اعتبار کارکنان شبکه بهداشت و درمان شهرستان مهاباد
